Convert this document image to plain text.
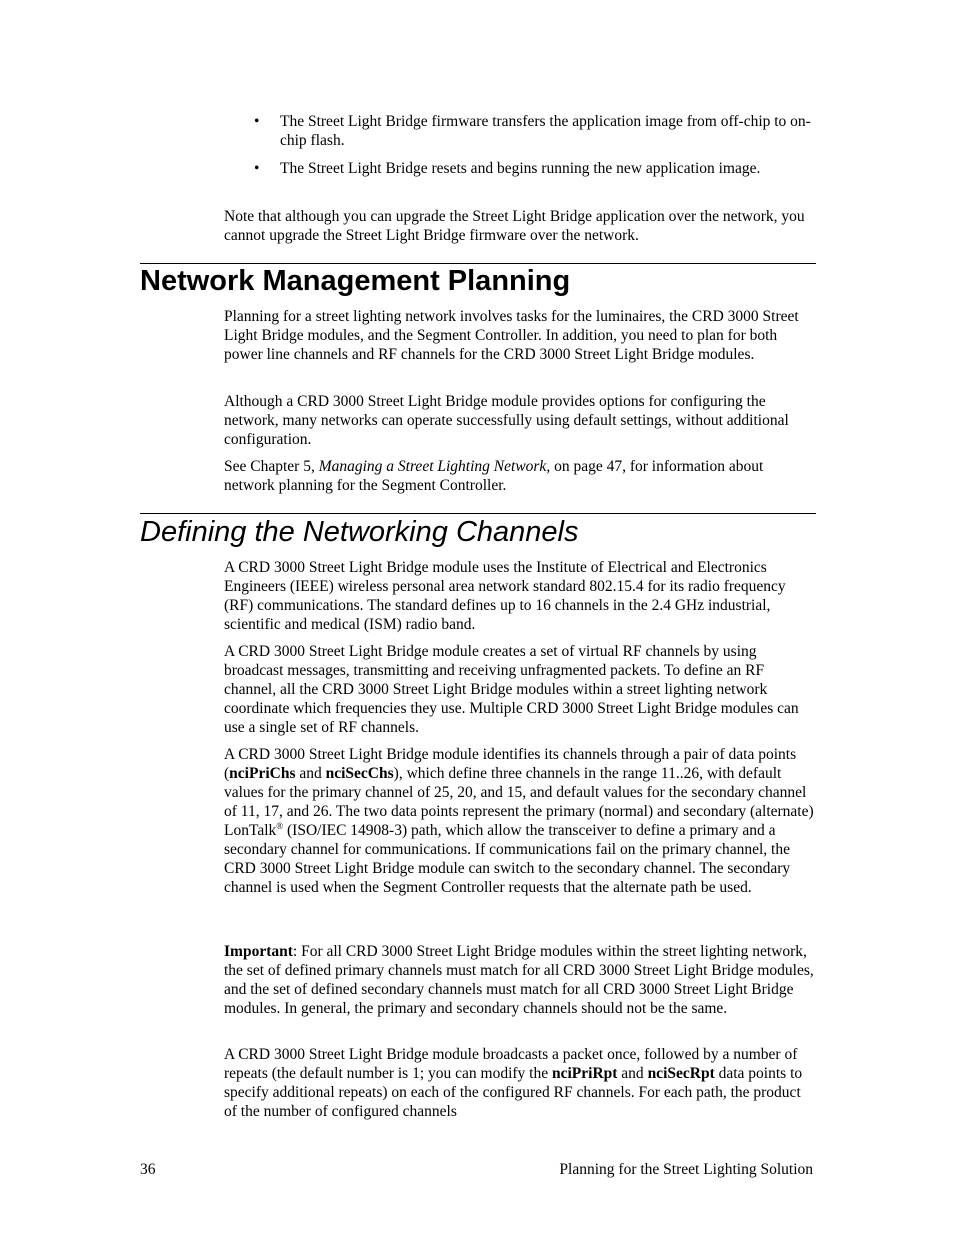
• The Street Light Bridge firmware transfers the application image from off-chip to on-chip flash.
• The Street Light Bridge resets and begins running the new application image.

Note that although you can upgrade the Street Light Bridge application over the network, you cannot upgrade the Street Light Bridge firmware over the network.

Network Management Planning

Planning for a street lighting network involves tasks for the luminaires, the CRD 3000 Street Light Bridge modules, and the Segment Controller. In addition, you need to plan for both power line channels and RF channels for the CRD 3000 Street Light Bridge modules.

Although a CRD 3000 Street Light Bridge module provides options for configuring the network, many networks can operate successfully using default settings, without additional configuration.

See Chapter 5, Managing a Street Lighting Network, on page 47, for information about network planning for the Segment Controller.

Defining the Networking Channels

A CRD 3000 Street Light Bridge module uses the Institute of Electrical and Electronics Engineers (IEEE) wireless personal area network standard 802.15.4 for its radio frequency (RF) communications. The standard defines up to 16 channels in the 2.4 GHz industrial, scientific and medical (ISM) radio band.

A CRD 3000 Street Light Bridge module creates a set of virtual RF channels by using broadcast messages, transmitting and receiving unfragmented packets. To define an RF channel, all the CRD 3000 Street Light Bridge modules within a street lighting network coordinate which frequencies they use. Multiple CRD 3000 Street Light Bridge modules can use a single set of RF channels.

A CRD 3000 Street Light Bridge module identifies its channels through a pair of data points (nciPriChs and nciSecChs), which define three channels in the range 11..26, with default values for the primary channel of 25, 20, and 15, and default values for the secondary channel of 11, 17, and 26. The two data points represent the primary (normal) and secondary (alternate) LonTalk® (ISO/IEC 14908-3) path, which allow the transceiver to define a primary and a secondary channel for communications. If communications fail on the primary channel, the CRD 3000 Street Light Bridge module can switch to the secondary channel. The secondary channel is used when the Segment Controller requests that the alternate path be used.

Important: For all CRD 3000 Street Light Bridge modules within the street lighting network, the set of defined primary channels must match for all CRD 3000 Street Light Bridge modules, and the set of defined secondary channels must match for all CRD 3000 Street Light Bridge modules. In general, the primary and secondary channels should not be the same.

A CRD 3000 Street Light Bridge module broadcasts a packet once, followed by a number of repeats (the default number is 1; you can modify the nciPriRpt and nciSecRpt data points to specify additional repeats) on each of the configured RF channels. For each path, the product of the number of configured channels

36	Planning for the Street Lighting Solution
